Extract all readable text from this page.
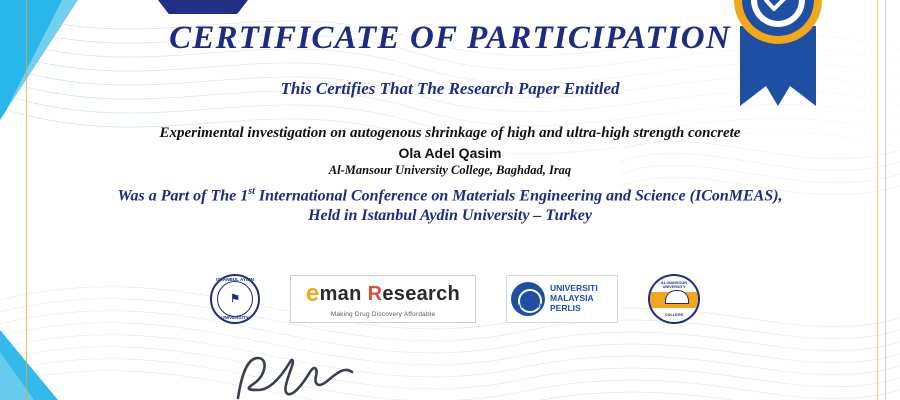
CERTIFICATE OF PARTICIPATION
This Certifies That The Research Paper Entitled
Experimental investigation on autogenous shrinkage of high and ultra-high strength concrete
Ola Adel Qasim
Al-Mansour University College, Baghdad, Iraq
Was a Part of The 1st International Conference on Materials Engineering and Science (IConMEAS),
Held in Istanbul Aydin University – Turkey
ISTANBUL AYDIN
⚑
UNIVERSITY
e man R esearch
Making Drug Discovery Affordable
UniMAP
UNIVERSITI
MALAYSIA
PERLIS
AL-MANSOUR UNIVERSITY
COLLEGE
